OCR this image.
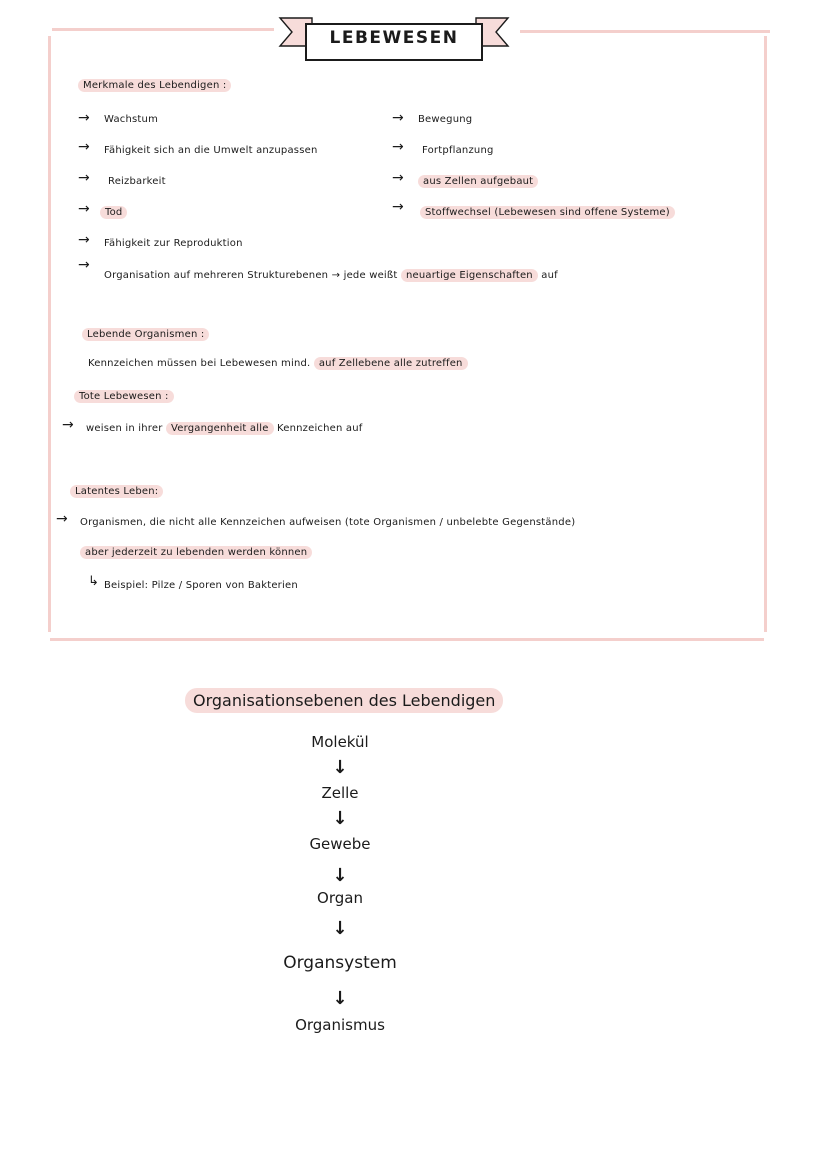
LEBEWESEN
Merkmale des Lebendigen :
→ Wachstum
→ Fähigkeit sich an die Umwelt anzupassen
→ Reizbarkeit
→	Tod
→ Fähigkeit zur Reproduktion
→ Bewegung
→ Fortpflanzung
→	aus Zellen aufgebaut
→	Stoffwechsel (Lebewesen sind offene Systeme)
→
Organisation auf mehreren Strukturebenen → jede weißt neuartige Eigenschaften auf
Lebende Organismen :
Kennzeichen müssen bei Lebewesen mind. auf Zellebene alle zutreffen
Tote Lebewesen :
→ weisen in ihrer Vergangenheit alle Kennzeichen auf
Latentes Leben:
→ Organismen, die nicht alle Kennzeichen aufweisen (tote Organismen / unbelebte Gegenstände)
aber jederzeit zu lebenden werden können
↳ Beispiel: Pilze / Sporen von Bakterien
Organisationsebenen des Lebendigen
Molekül
↓
Zelle
↓
Gewebe
↓
Organ
↓
Organsystem
↓
Organismus
